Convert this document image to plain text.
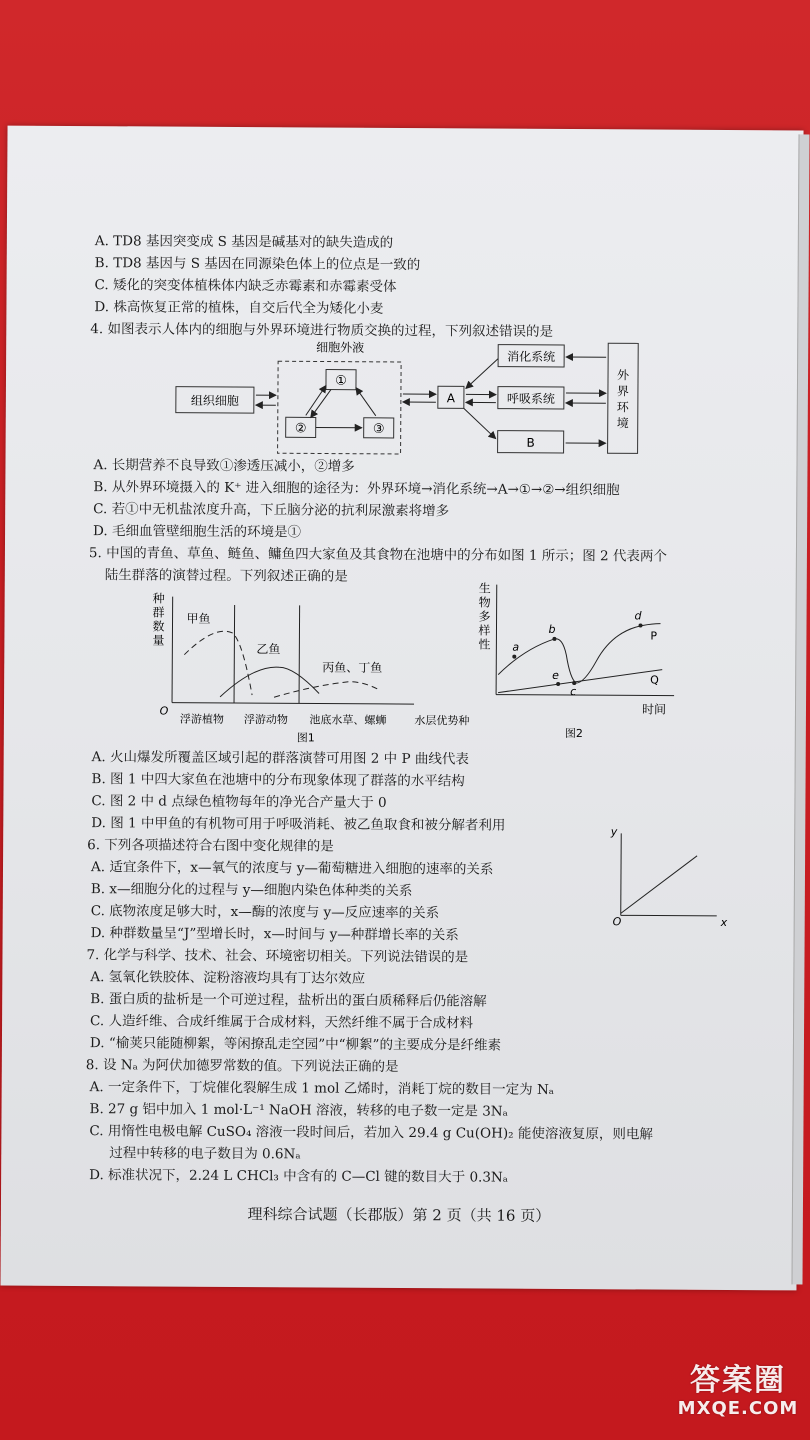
A. TD8 基因突变成 S 基因是碱基对的缺失造成的
B. TD8 基因与 S 基因在同源染色体上的位点是一致的
C. 矮化的突变体植株体内缺乏赤霉素和赤霉素受体
D. 株高恢复正常的植株，自交后代全为矮化小麦
4. 如图表示人体内的细胞与外界环境进行物质交换的过程，下列叙述错误的是
细胞外液
组织细胞
①
②	③
A
消化系统
呼吸系统
B
外
界
环
境
A. 长期营养不良导致①渗透压减小，②增多
B. 从外界环境摄入的 K⁺ 进入细胞的途径为：外界环境→消化系统→A→①→②→组织细胞
C. 若①中无机盐浓度升高，下丘脑分泌的抗利尿激素将增多
D. 毛细血管壁细胞生活的环境是①
5. 中国的青鱼、草鱼、鲢鱼、鳙鱼四大家鱼及其食物在池塘中的分布如图 1 所示；图 2 代表两个
陆生群落的演替过程。下列叙述正确的是
种
群
数
量
O
甲鱼
乙鱼
丙鱼、丁鱼
浮游植物 浮游动物 池底水草、螺蛳	水层优势种
图1
生
物
多
样
性 a
b
c
d
e
P
Q
时间
图2
A. 火山爆发所覆盖区域引起的群落演替可用图 2 中 P 曲线代表
B. 图 1 中四大家鱼在池塘中的分布现象体现了群落的水平结构
C. 图 2 中 d 点绿色植物每年的净光合产量大于 0
D. 图 1 中甲鱼的有机物可用于呼吸消耗、被乙鱼取食和被分解者利用
6. 下列各项描述符合右图中变化规律的是
A. 适宜条件下，x—氧气的浓度与 y—葡萄糖进入细胞的速率的关系
B. x—细胞分化的过程与 y—细胞内染色体种类的关系
C. 底物浓度足够大时，x—酶的浓度与 y—反应速率的关系
D. 种群数量呈“J”型增长时，x—时间与 y—种群增长率的关系
y
x
O
7. 化学与科学、技术、社会、环境密切相关。下列说法错误的是
A. 氢氧化铁胶体、淀粉溶液均具有丁达尔效应
B. 蛋白质的盐析是一个可逆过程，盐析出的蛋白质稀释后仍能溶解
C. 人造纤维、合成纤维属于合成材料，天然纤维不属于合成材料
D. “榆荚只能随柳絮，等闲撩乱走空园”中“柳絮”的主要成分是纤维素
8. 设 Nₐ 为阿伏加德罗常数的值。下列说法正确的是
A. 一定条件下，丁烷催化裂解生成 1 mol 乙烯时，消耗丁烷的数目一定为 Nₐ
B. 27 g 铝中加入 1 mol·L⁻¹ NaOH 溶液，转移的电子数一定是 3Nₐ
C. 用惰性电极电解 CuSO₄ 溶液一段时间后，若加入 29.4 g Cu(OH)₂ 能使溶液复原，则电解
过程中转移的电子数目为 0.6Nₐ
D. 标准状况下，2.24 L CHCl₃ 中含有的 C—Cl 键的数目大于 0.3Nₐ
理科综合试题（长郡版）第 2 页（共 16 页）
答案圈
MXQE.COM
